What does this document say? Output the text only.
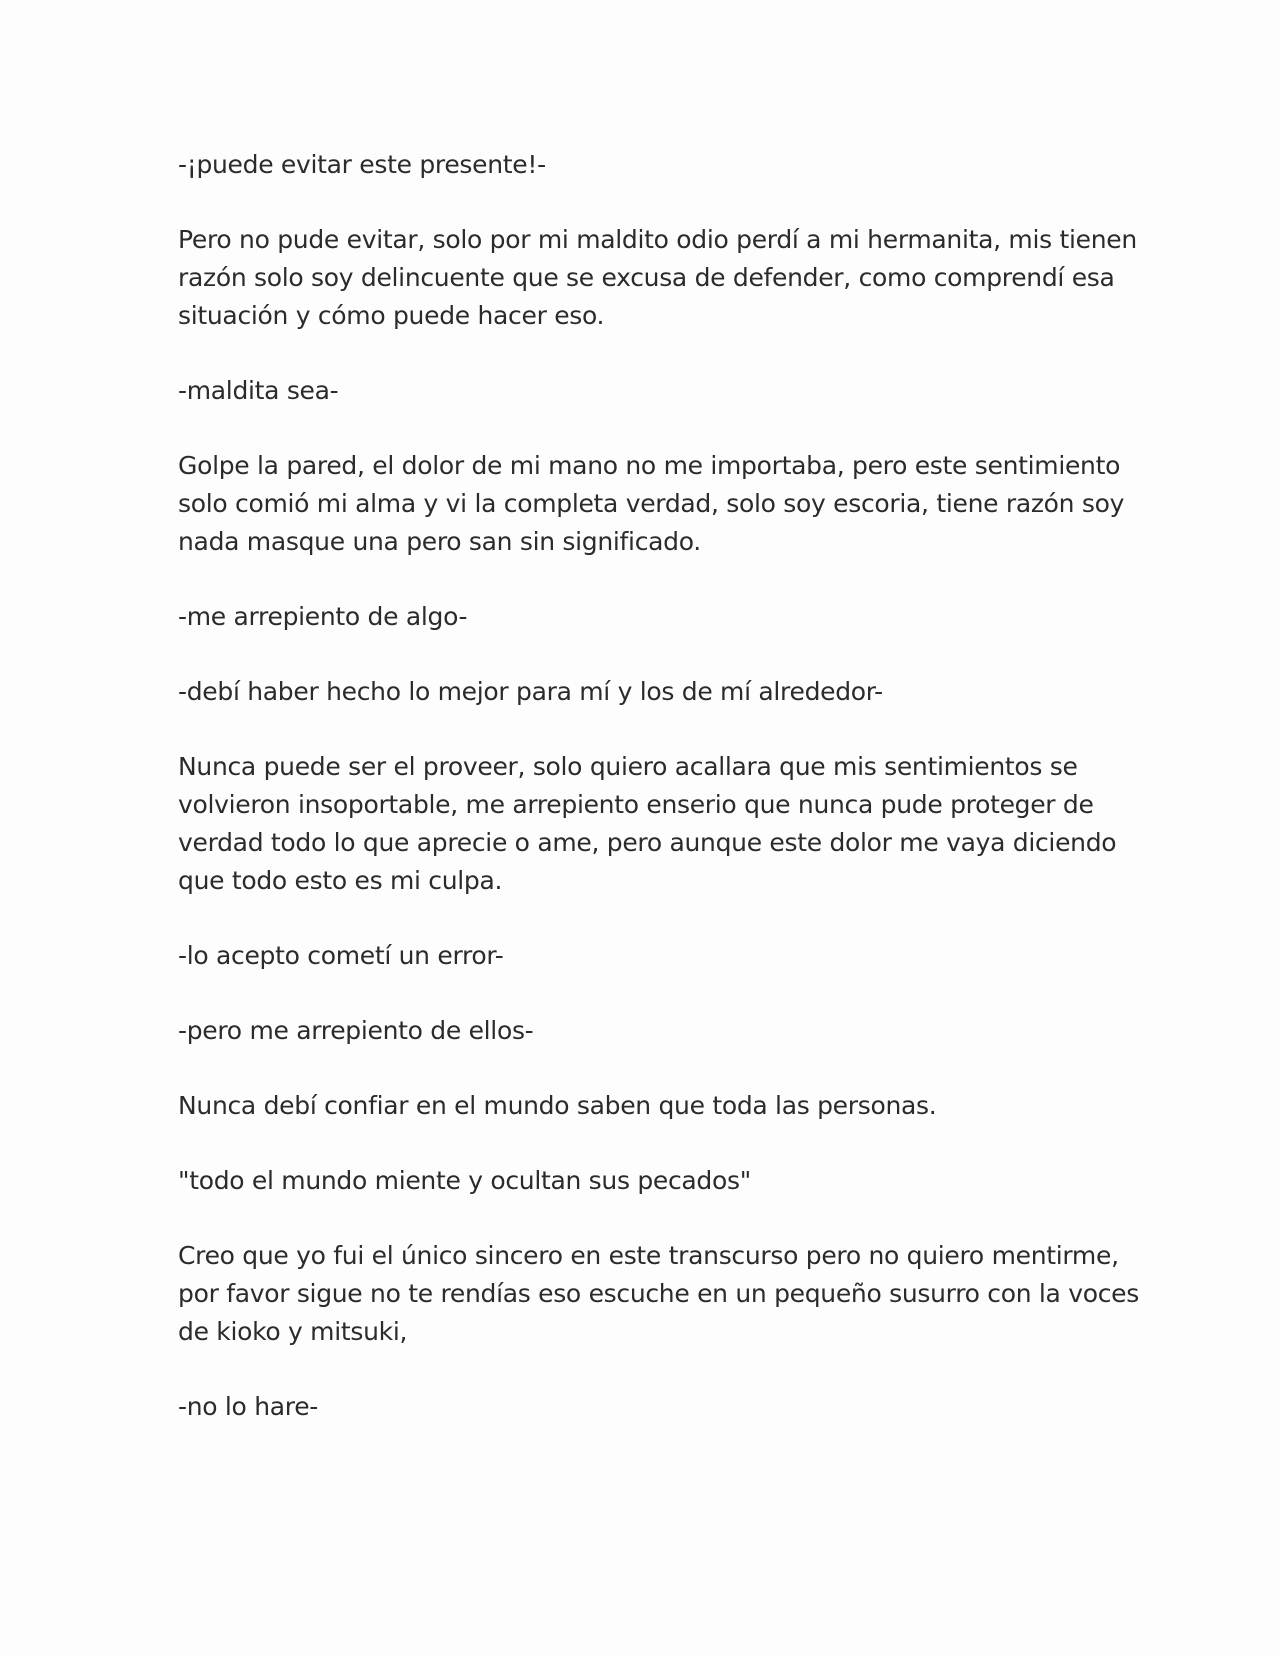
-¡puede evitar este presente!-

Pero no pude evitar, solo por mi maldito odio perdí a mi hermanita, mis tienen
razón solo soy delincuente que se excusa de defender, como comprendí esa
situación y cómo puede hacer eso.

-maldita sea-

Golpe la pared, el dolor de mi mano no me importaba, pero este sentimiento
solo comió mi alma y vi la completa verdad, solo soy escoria, tiene razón soy
nada masque una pero san sin significado.

-me arrepiento de algo-

-debí haber hecho lo mejor para mí y los de mí alrededor-

Nunca puede ser el proveer, solo quiero acallara que mis sentimientos se
volvieron insoportable, me arrepiento enserio que nunca pude proteger de
verdad todo lo que aprecie o ame, pero aunque este dolor me vaya diciendo
que todo esto es mi culpa.

-lo acepto cometí un error-

-pero me arrepiento de ellos-

Nunca debí confiar en el mundo saben que toda las personas.

"todo el mundo miente y ocultan sus pecados"

Creo que yo fui el único sincero en este transcurso pero no quiero mentirme,
por favor sigue no te rendías eso escuche en un pequeño susurro con la voces
de kioko y mitsuki,

-no lo hare-
